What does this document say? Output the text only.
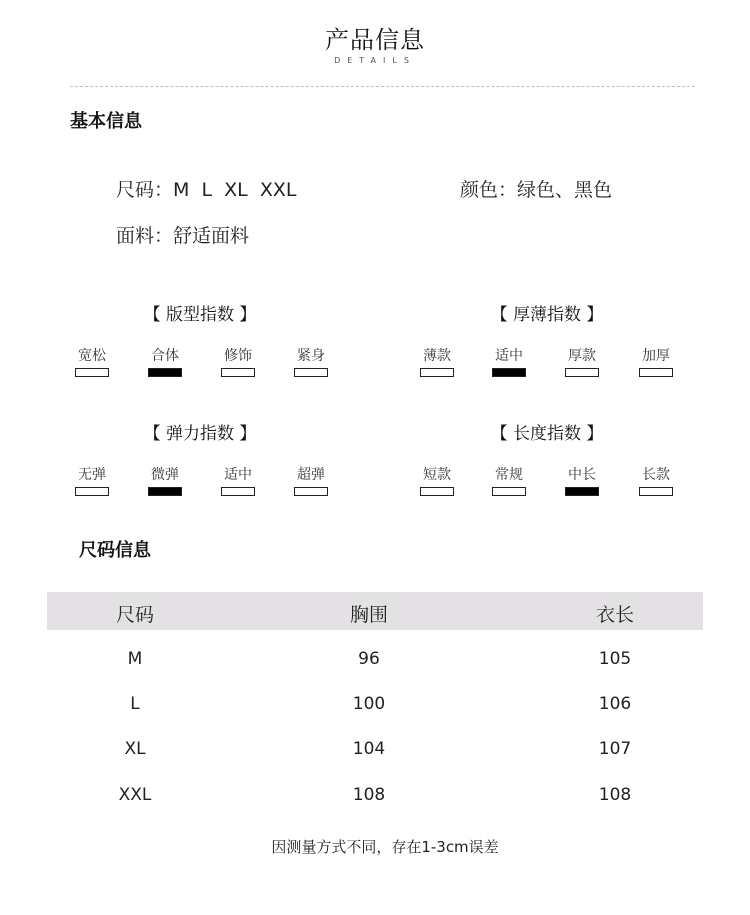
产品信息
DETAILS
基本信息
尺码：M  L  XL  XXL	颜色：绿色、黑色
面料：舒适面料
【 版型指数 】
宽松	合体	修饰	紧身
【 厚薄指数 】
薄款	适中	厚款	加厚
【 弹力指数 】
无弹	微弹	适中	超弹
【 长度指数 】
短款	常规	中长	长款
尺码信息
尺码	胸围	衣长
M	96	105
L	100	106
XL	104	107
XXL	108	108
因测量方式不同，存在1-3cm误差
